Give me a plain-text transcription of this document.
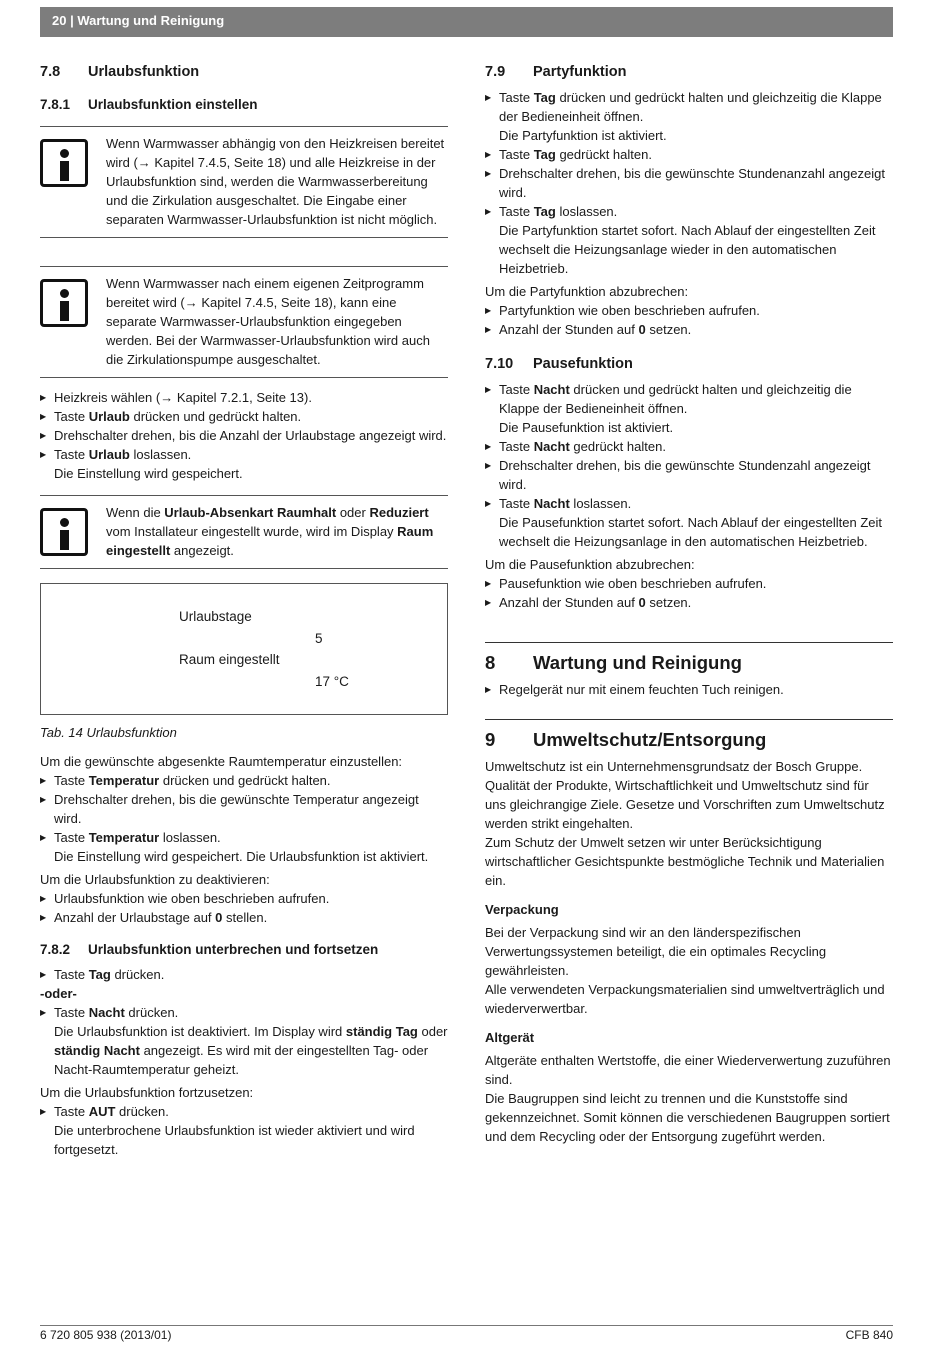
20 | Wartung und Reinigung
7.8 Urlaubsfunktion
7.8.1 Urlaubsfunktion einstellen
Wenn Warmwasser abhängig von den Heizkreisen bereitet wird (→ Kapitel 7.4.5, Seite 18) und alle Heizkreise in der Urlaubsfunktion sind, werden die Warmwasserbereitung und die Zirkulation ausgeschaltet. Die Eingabe einer separaten Warmwasser-Urlaubsfunktion ist nicht möglich.
Wenn Warmwasser nach einem eigenen Zeitprogramm bereitet wird (→ Kapitel 7.4.5, Seite 18), kann eine separate Warmwasser-Urlaubsfunktion eingegeben werden. Bei der Warmwasser-Urlaubsfunktion wird auch die Zirkulationspumpe ausgeschaltet.
▶ Heizkreis wählen (→ Kapitel 7.2.1, Seite 13).
▶ Taste Urlaub drücken und gedrückt halten.
▶ Drehschalter drehen, bis die Anzahl der Urlaubstage angezeigt wird.
▶ Taste Urlaub loslassen.
Die Einstellung wird gespeichert.
Wenn die Urlaub-Absenkart Raumhalt oder Reduziert vom Installateur eingestellt wurde, wird im Display Raum eingestellt angezeigt.
Urlaubstage
5
Raum eingestellt
17 °C
Tab. 14 Urlaubsfunktion

Um die gewünschte abgesenkte Raumtemperatur einzustellen:

▶ Taste Temperatur drücken und gedrückt halten.
▶ Drehschalter drehen, bis die gewünschte Temperatur angezeigt wird.
▶ Taste Temperatur loslassen.
Die Einstellung wird gespeichert. Die Urlaubsfunktion ist aktiviert.

Um die Urlaubsfunktion zu deaktivieren:

▶ Urlaubsfunktion wie oben beschrieben aufrufen.
▶ Anzahl der Urlaubstage auf 0 stellen.
7.8.2 Urlaubsfunktion unterbrechen und fortsetzen
▶ Taste Tag drücken.

-oder-

▶ Taste Nacht drücken.
Die Urlaubsfunktion ist deaktiviert. Im Display wird ständig Tag oder ständig Nacht angezeigt. Es wird mit der eingestellten Tag- oder Nacht-Raumtemperatur geheizt.

Um die Urlaubsfunktion fortzusetzen:

▶ Taste AUT drücken.
Die unterbrochene Urlaubsfunktion ist wieder aktiviert und wird fortgesetzt.
7.9 Partyfunktion
▶ Taste Tag drücken und gedrückt halten und gleichzeitig die Klappe der Bedieneinheit öffnen.
Die Partyfunktion ist aktiviert.
▶ Taste Tag gedrückt halten.
▶ Drehschalter drehen, bis die gewünschte Stundenanzahl angezeigt wird.
▶ Taste Tag loslassen.
Die Partyfunktion startet sofort. Nach Ablauf der eingestellten Zeit wechselt die Heizungsanlage wieder in den automatischen Heizbetrieb.

Um die Partyfunktion abzubrechen:

▶ Partyfunktion wie oben beschrieben aufrufen.
▶ Anzahl der Stunden auf 0 setzen.
7.10 Pausefunktion
▶ Taste Nacht drücken und gedrückt halten und gleichzeitig die Klappe der Bedieneinheit öffnen.
Die Pausefunktion ist aktiviert.
▶ Taste Nacht gedrückt halten.
▶ Drehschalter drehen, bis die gewünschte Stundenzahl angezeigt wird.
▶ Taste Nacht loslassen.
Die Pausefunktion startet sofort. Nach Ablauf der eingestellten Zeit wechselt die Heizungsanlage in den automatischen Heizbetrieb.

Um die Pausefunktion abzubrechen:

▶ Pausefunktion wie oben beschrieben aufrufen.
▶ Anzahl der Stunden auf 0 setzen.
8 Wartung und Reinigung
▶ Regelgerät nur mit einem feuchten Tuch reinigen.
9 Umweltschutz/Entsorgung

Umweltschutz ist ein Unternehmensgrundsatz der Bosch Gruppe. Qualität der Produkte, Wirtschaftlichkeit und Umweltschutz sind für uns gleichrangige Ziele. Gesetze und Vorschriften zum Umweltschutz werden strikt eingehalten.

Zum Schutz der Umwelt setzen wir unter Berücksichtigung wirtschaftlicher Gesichtspunkte bestmögliche Technik und Materialien ein.

Verpackung

Bei der Verpackung sind wir an den länderspezifischen Verwertungssystemen beteiligt, die ein optimales Recycling gewährleisten.

Alle verwendeten Verpackungsmaterialien sind umweltverträglich und wiederverwertbar.

Altgerät

Altgeräte enthalten Wertstoffe, die einer Wiederverwertung zuzuführen sind.

Die Baugruppen sind leicht zu trennen und die Kunststoffe sind gekennzeichnet. Somit können die verschiedenen Baugruppen sortiert und dem Recycling oder der Entsorgung zugeführt werden.

6 720 805 938 (2013/01)	CFB 840
